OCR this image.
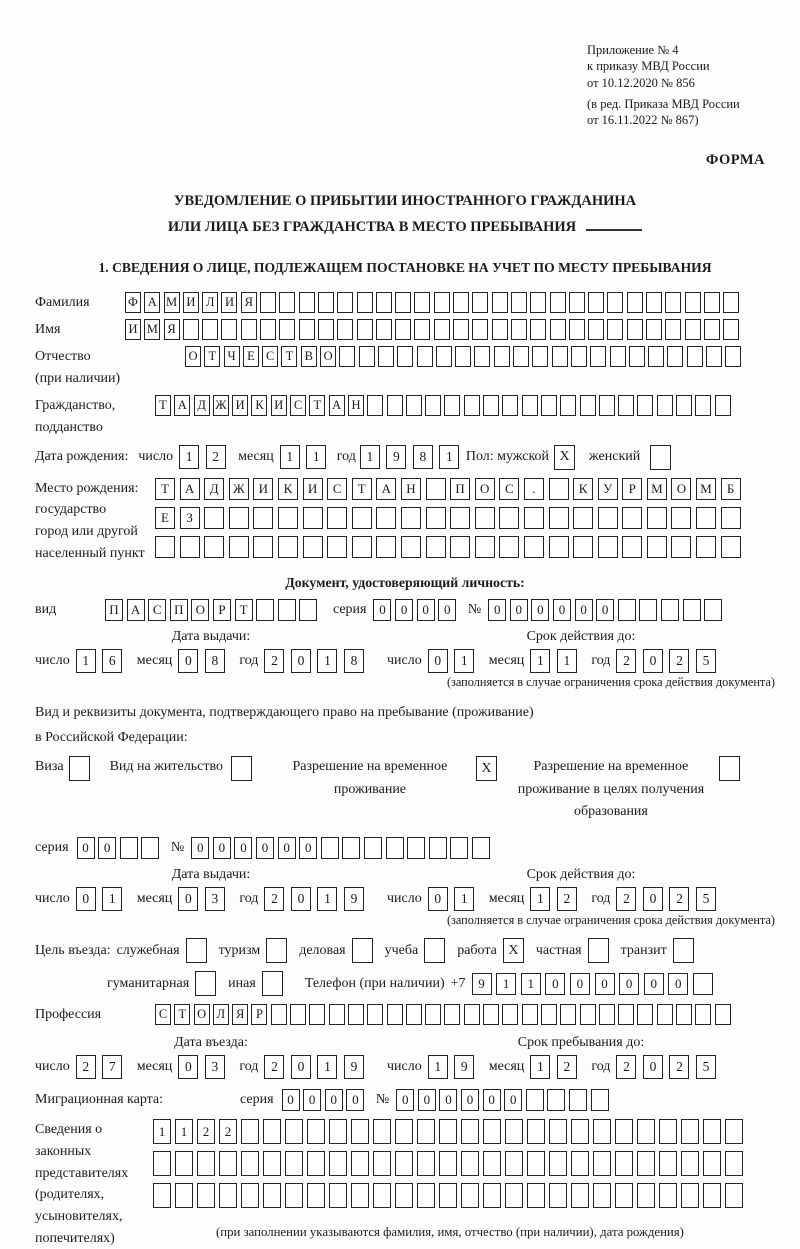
Приложение № 4
к приказу МВД России
от 10.12.2020 № 856
(в ред. Приказа МВД России
от 16.11.2022 № 867)
ФОРМА
УВЕДОМЛЕНИЕ О ПРИБЫТИИ ИНОСТРАННОГО ГРАЖДАНИНА
ИЛИ ЛИЦА БЕЗ ГРАЖДАНСТВА В МЕСТО ПРЕБЫВАНИЯ
1. СВЕДЕНИЯ О ЛИЦЕ, ПОДЛЕЖАЩЕМ ПОСТАНОВКЕ НА УЧЕТ ПО МЕСТУ ПРЕБЫВАНИЯ
Фамилия	Ф А М И Л И Я
Имя	И М Я
Отчество
(при наличии)
О Т Ч Е С Т В О
Гражданство,
подданство
Т А Д Ж И К И С Т А Н
Дата рождения: число 1	2	месяц 1	1	год 1	9	8	1 Пол: мужской X	женский
Место рождения:
государство
город или другой
населенный пункт
Т	А	Д	Ж	И	К	И	С	Т	А	Н	П	О	С	.	К	У	Р	М	О	М	Б
Е	З
Документ, удостоверяющий личность:
вид	П А С П О	Р	Т	серия 0	0	0	0	№ 0	0	0	0	0	0
Дата выдачи:
число 1	6	месяц 0	8	год 2	0	1	8
Срок действия до:
число 0	1	месяц 1	1	год 2	0	2	5
(заполняется в случае ограничения срока действия документа)
Вид и реквизиты документа, подтверждающего право на пребывание (проживание)
в Российской Федерации:
Виза	Вид на жительство	Разрешение на временное проживание
X	Разрешение на временное проживание в целях получения образования
серия	0	0	№ 0	0	0	0	0	0
Дата выдачи:
число 0	1	месяц 0	3	год 2	0	1	9
Срок действия до:
число 0	1	месяц 1	2	год 2	0	2	5
(заполняется в случае ограничения срока действия документа)
Цель въезда: служебная	туризм	деловая	учеба	работа X	частная	транзит
гуманитарная	иная	Телефон (при наличии) +7 9	1	1	0	0	0	0	0	0
Профессия	С Т О Л Я Р
Дата въезда:
число 2	7	месяц 0	3	год 2	0	1	9
Срок пребывания до:
число 1	9	месяц 1	2	год 2	0	2	5
Миграционная карта:	серия	0	0	0	0	№ 0	0	0	0	0	0
Сведения о
законных
представителях
(родителях,
усыновителях,
попечителях)
1	1	2	2
(при заполнении указываются фамилия, имя, отчество (при наличии), дата рождения)
